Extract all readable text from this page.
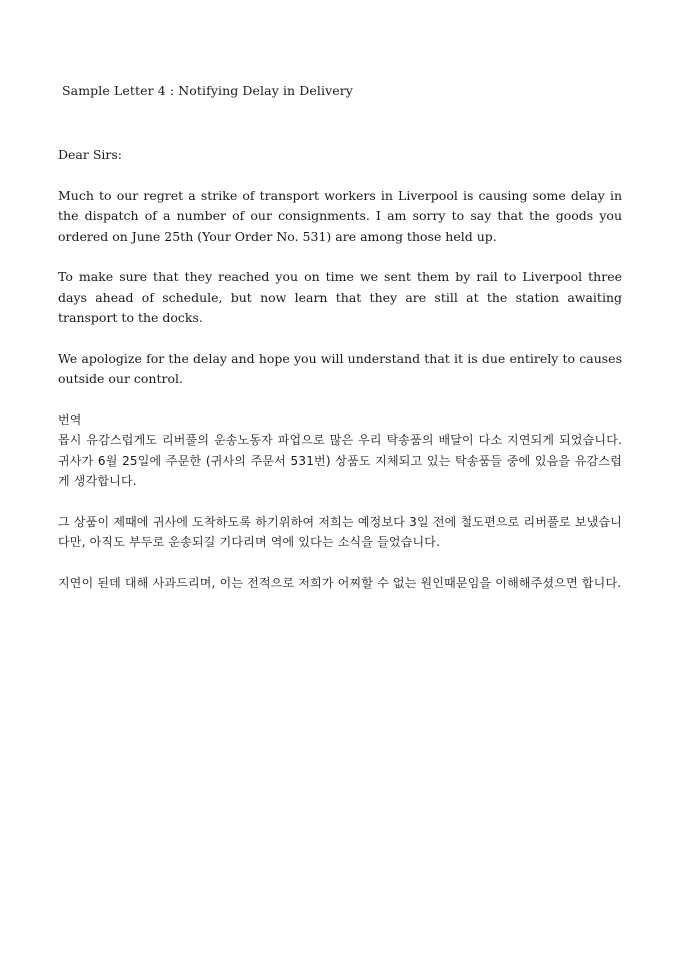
Sample Letter 4 : Notifying Delay in Delivery

Dear Sirs:

Much to our regret a strike of transport workers in Liverpool is causing some delay in the dispatch of a number of our consignments. I am sorry to say that the goods you ordered on June 25th (Your Order No. 531) are among those held up.

To make sure that they reached you on time we sent them by rail to Liverpool three days ahead of schedule, but now learn that they are still at the station awaiting transport to the docks.

We apologize for the delay and hope you will understand that it is due entirely to causes outside our control.

번역

몹시 유감스럽게도 리버풀의 운송노동자 파업으로 많은 우리 탁송품의 배달이 다소 지연되게 되었습니다. 귀사가 6월 25일에 주문한 (귀사의 주문서 531번) 상품도 지체되고 있는 탁송품들 중에 있음을 유감스럽게 생각합니다.

그 상품이 제때에 귀사에 도착하도록 하기위하여 저희는 예정보다 3일 전에 철도편으로 리버풀로 보냈습니다만, 아직도 부두로 운송되길 기다리며 역에 있다는 소식을 들었습니다.

지연이 된데 대해 사과드리며, 이는 전적으로 저희가 어찌할 수 없는 원인때문임을 이해해주셨으면 합니다.
